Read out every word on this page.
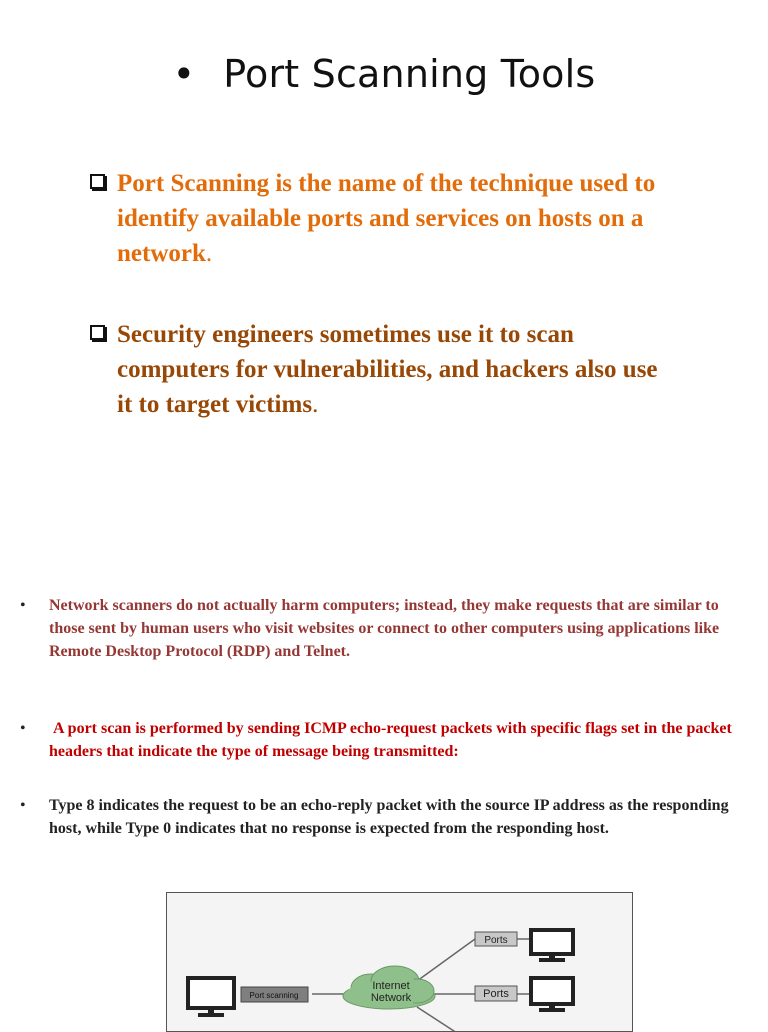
• Port Scanning Tools
Port Scanning is the name of the technique used to identify available ports and services on hosts on a network.
Security engineers sometimes use it to scan computers for vulnerabilities, and hackers also use it to target victims.
•	Network scanners do not actually harm computers; instead, they make requests that are similar to those sent by human users who visit websites or connect to other computers using applications like Remote Desktop Protocol (RDP) and Telnet.
•	A port scan is performed by sending ICMP echo-request packets with specific flags set in the packet headers that indicate the type of message being transmitted:
•	Type 8 indicates the request to be an echo-reply packet with the source IP address as the responding host, while Type 0 indicates that no response is expected from the responding host.
Port scanning
Internet
Network
Ports
Ports
